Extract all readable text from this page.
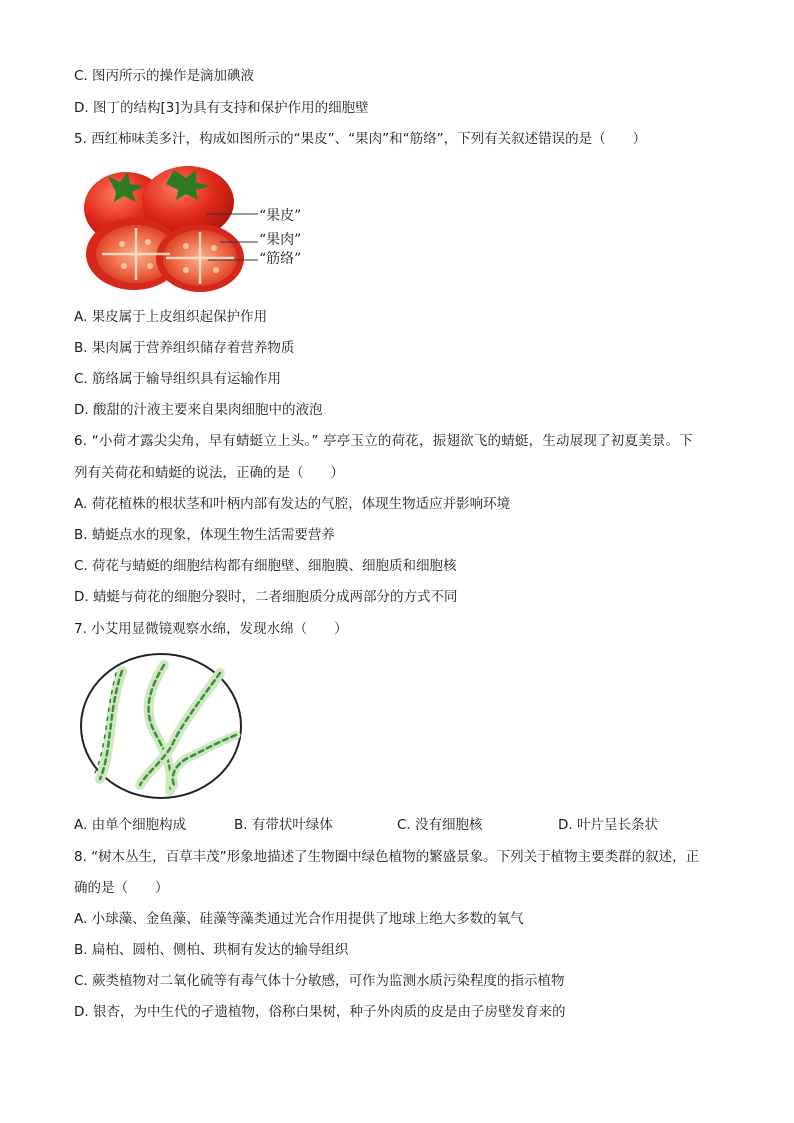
C. 图丙所示的操作是滴加碘液
D. 图丁的结构[3]为具有支持和保护作用的细胞壁
5. 西红柿味美多汁，构成如图所示的“果皮”、“果肉”和“筋络”，下列有关叙述错误的是（　　）
“果皮”
“果肉”
“筋络”
A. 果皮属于上皮组织起保护作用
B. 果肉属于营养组织储存着营养物质
C. 筋络属于输导组织具有运输作用
D. 酸甜的汁液主要来自果肉细胞中的液泡
6. “小荷才露尖尖角，早有蜻蜓立上头。” 亭亭玉立的荷花，振翅欲飞的蜻蜓，生动展现了初夏美景。下
列有关荷花和蜻蜓的说法，正确的是（　　）
A. 荷花植株的根状茎和叶柄内部有发达的气腔，体现生物适应并影响环境
B. 蜻蜓点水的现象，体现生物生活需要营养
C. 荷花与蜻蜓的细胞结构都有细胞壁、细胞膜、细胞质和细胞核
D. 蜻蜓与荷花的细胞分裂时，二者细胞质分成两部分的方式不同
7. 小艾用显微镜观察水绵，发现水绵（　　）
A. 由单个细胞构成	B. 有带状叶绿体	C. 没有细胞核	D. 叶片呈长条状
8. “树木丛生，百草丰茂”形象地描述了生物圈中绿色植物的繁盛景象。下列关于植物主要类群的叙述，正
确的是（　　）
A. 小球藻、金鱼藻、硅藻等藻类通过光合作用提供了地球上绝大多数的氧气
B. 扁柏、圆柏、侧柏、珙桐有发达的输导组织
C. 蕨类植物对二氧化硫等有毒气体十分敏感，可作为监测水质污染程度的指示植物
D. 银杏，为中生代的孑遗植物，俗称白果树，种子外肉质的皮是由子房壁发育来的
